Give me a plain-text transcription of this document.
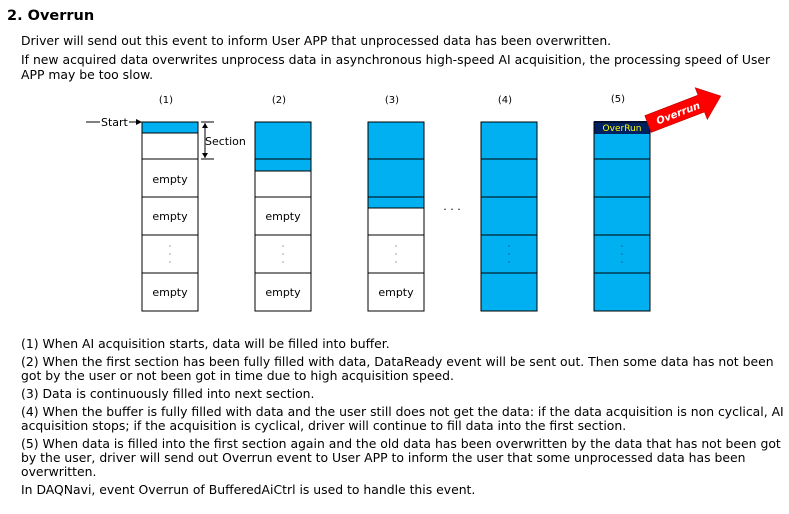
2. Overrun
Driver will send out this event to inform User APP that unprocessed data has been overwritten.
If new acquired data overwrites unprocess data in asynchronous high-speed AI acquisition, the processing speed of User APP may be too slow.
(1)	(2)	(3)	(4)	(5)
Start
empty
empty
empty
Section
empty
empty	empty
· · ·
OverRun
Overrun

(1) When AI acquisition starts, data will be filled into buffer.

(2) When the first section has been fully filled with data, DataReady event will be sent out. Then some data has not been got by the user or not been got in time due to high acquisition speed.

(3) Data is continuously filled into next section.

(4) When the buffer is fully filled with data and the user still does not get the data: if the data acquisition is non cyclical, AI acquisition stops; if the acquisition is cyclical, driver will continue to fill data into the first section.

(5) When data is filled into the first section again and the old data has been overwritten by the data that has not been got by the user, driver will send out Overrun event to User APP to inform the user that some unprocessed data has been overwritten.

In DAQNavi, event Overrun of BufferedAiCtrl is used to handle this event.
